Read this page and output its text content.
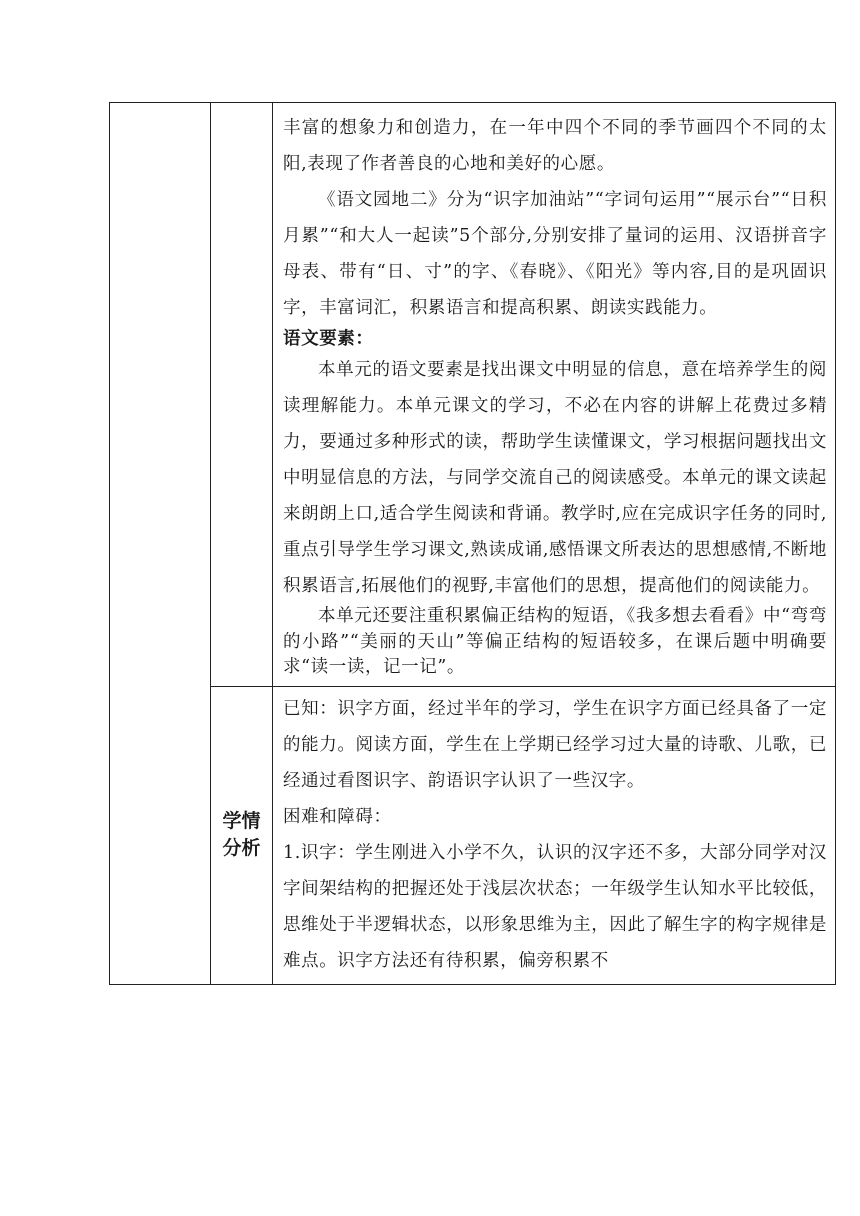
		丰富的想象力和创造力，在一年中四个不同的季节画四个不同的太阳,表现了作者善良的心地和美好的心愿。

《语文园地二》分为“识字加油站”“字词句运用”“展示台”“日积月累”“和大人一起读”5个部分,分别安排了量词的运用、汉语拼音字母表、带有“日、寸”的字、《春晓》、《阳光》等内容,目的是巩固识字，丰富词汇，积累语言和提高积累、朗读实践能力。

语文要素：

本单元的语文要素是找出课文中明显的信息，意在培养学生的阅读理解能力。本单元课文的学习，不必在内容的讲解上花费过多精力，要通过多种形式的读，帮助学生读懂课文，学习根据问题找出文中明显信息的方法，与同学交流自己的阅读感受。本单元的课文读起来朗朗上口,适合学生阅读和背诵。教学时,应在完成识字任务的同时,重点引导学生学习课文,熟读成诵,感悟课文所表达的思想感情,不断地积累语言,拓展他们的视野,丰富他们的思想，提高他们的阅读能力。

本单元还要注重积累偏正结构的短语，《我多想去看看》中“弯弯的小路”“美丽的天山”等偏正结构的短语较多，在课后题中明确要求“读一读，记一记”。

	学情分析	已知：识字方面，经过半年的学习，学生在识字方面已经具备了一定的能力。阅读方面，学生在上学期已经学习过大量的诗歌、儿歌，已经通过看图识字、韵语识字认识了一些汉字。

困难和障碍：

1.识字：学生刚进入小学不久，认识的汉字还不多，大部分同学对汉字间架结构的把握还处于浅层次状态；一年级学生认知水平比较低，思维处于半逻辑状态，以形象思维为主，因此了解生字的构字规律是难点。识字方法还有待积累，偏旁积累不
